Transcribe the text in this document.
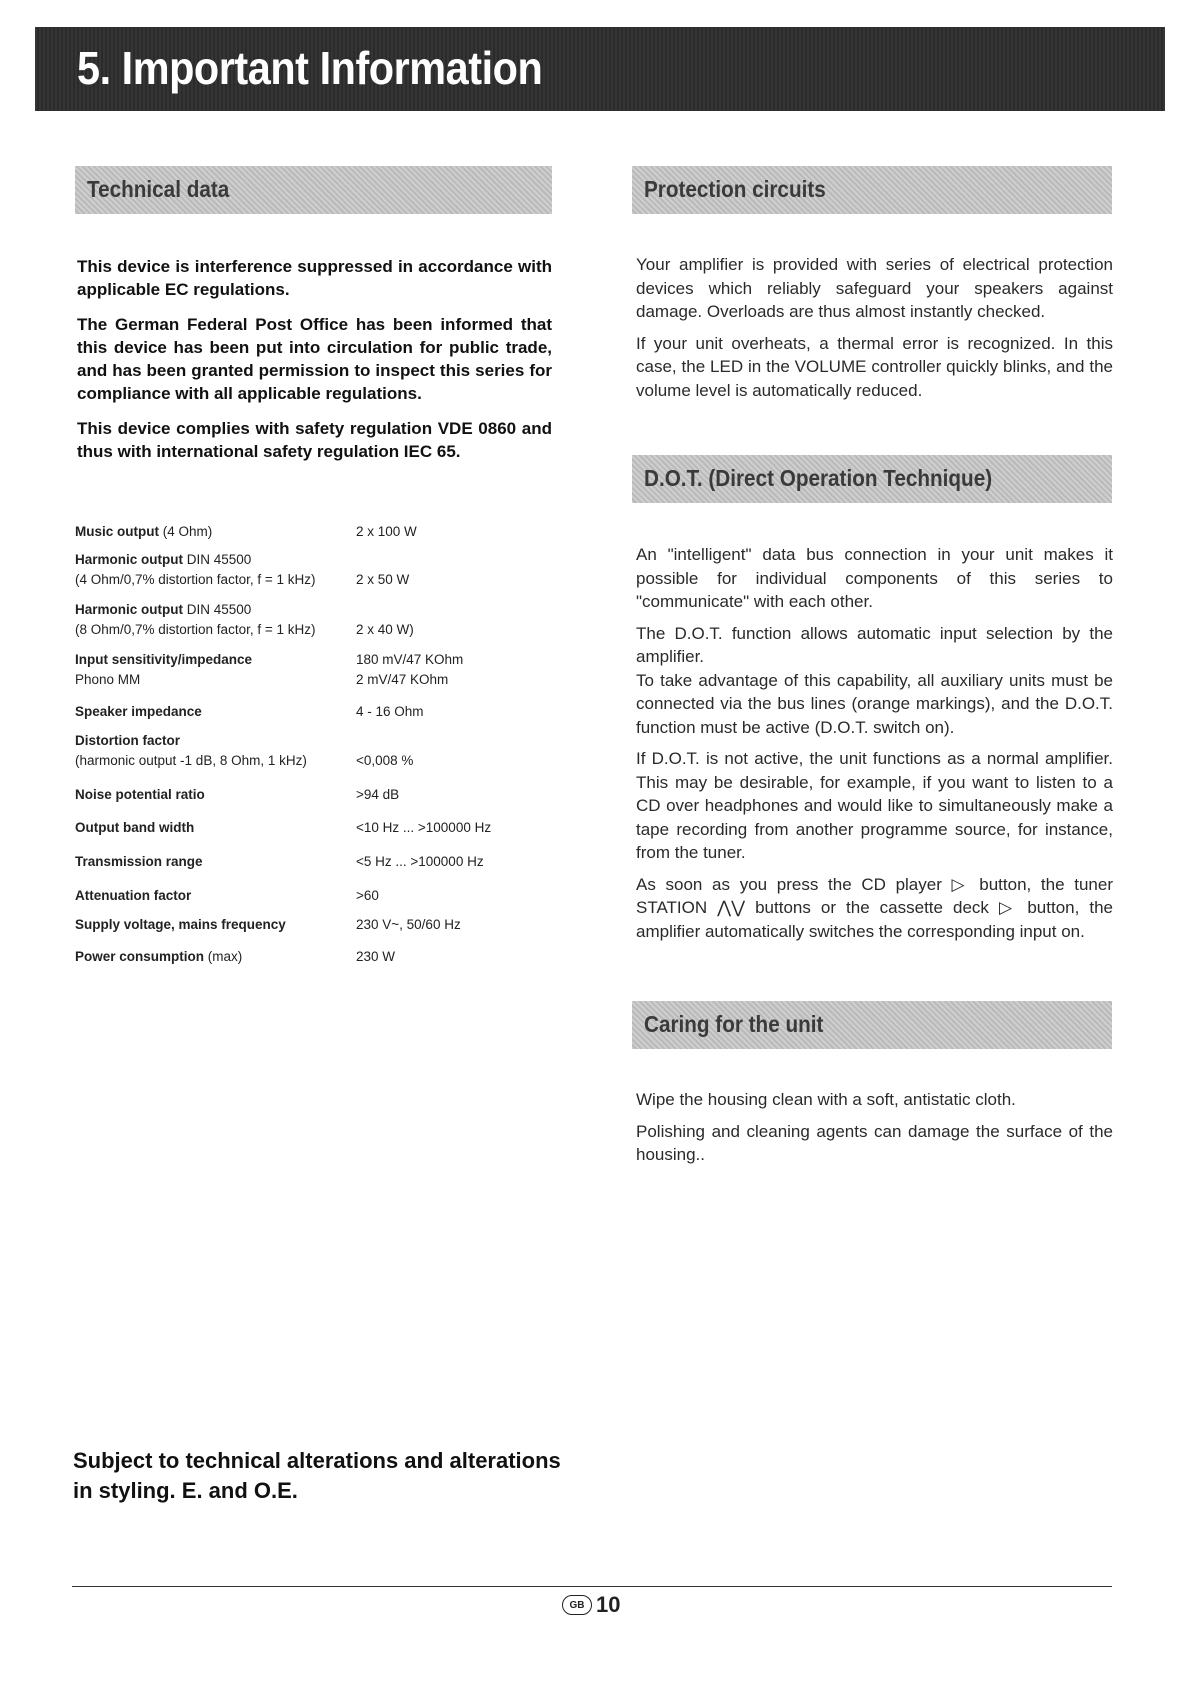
5. Important Information
Technical data
This device is interference suppressed in accordance with applicable EC regulations.
The German Federal Post Office has been informed that this device has been put into circulation for public trade, and has been granted permission to inspect this series for compliance with all applicable regulations.
This device complies with safety regulation VDE 0860 and thus with international safety regulation IEC 65.
Music output (4 Ohm)	2 x 100 W
Harmonic output DIN 45500
(4 Ohm/0,7% distortion factor, f = 1 kHz)	2 x 50 W
Harmonic output DIN 45500
(8 Ohm/0,7% distortion factor, f = 1 kHz)	2 x 40 W)
Input sensitivity/impedance	180 mV/47 KOhm
Phono MM	2 mV/47 KOhm
Speaker impedance	4 - 16 Ohm
Distortion factor
(harmonic output -1 dB, 8 Ohm, 1 kHz)	<0,008 %
Noise potential ratio	>94 dB
Output band width	<10 Hz ... >100000 Hz
Transmission range	<5 Hz ... >100000 Hz
Attenuation factor	>60
Supply voltage, mains frequency	230 V~, 50/60 Hz
Power consumption (max)	230 W
Protection circuits

Your amplifier is provided with series of electrical protection devices which reliably safeguard your speakers against damage. Overloads are thus almost instantly checked.

If your unit overheats, a thermal error is recognized. In this case, the LED in the VOLUME controller quickly blinks, and the volume level is automatically reduced.

D.O.T. (Direct Operation Technique)

An "intelligent" data bus connection in your unit makes it possible for individual components of this series to "communicate" with each other.

The D.O.T. function allows automatic input selection by the amplifier.

To take advantage of this capability, all auxiliary units must be connected via the bus lines (orange markings), and the D.O.T. function must be active (D.O.T. switch on).

If D.O.T. is not active, the unit functions as a normal amplifier. This may be desirable, for example, if you want to listen to a CD over headphones and would like to simultaneously make a tape recording from another programme source, for instance, from the tuner.

As soon as you press the CD player ▷ button, the tuner STATION ⋀⋁ buttons or the cassette deck ▷ button, the amplifier automatically switches the corresponding input on.

Caring for the unit

Wipe the housing clean with a soft, antistatic cloth.

Polishing and cleaning agents can damage the surface of the housing..

Subject to technical alterations and alterations
in styling. E. and O.E.
GB 10
